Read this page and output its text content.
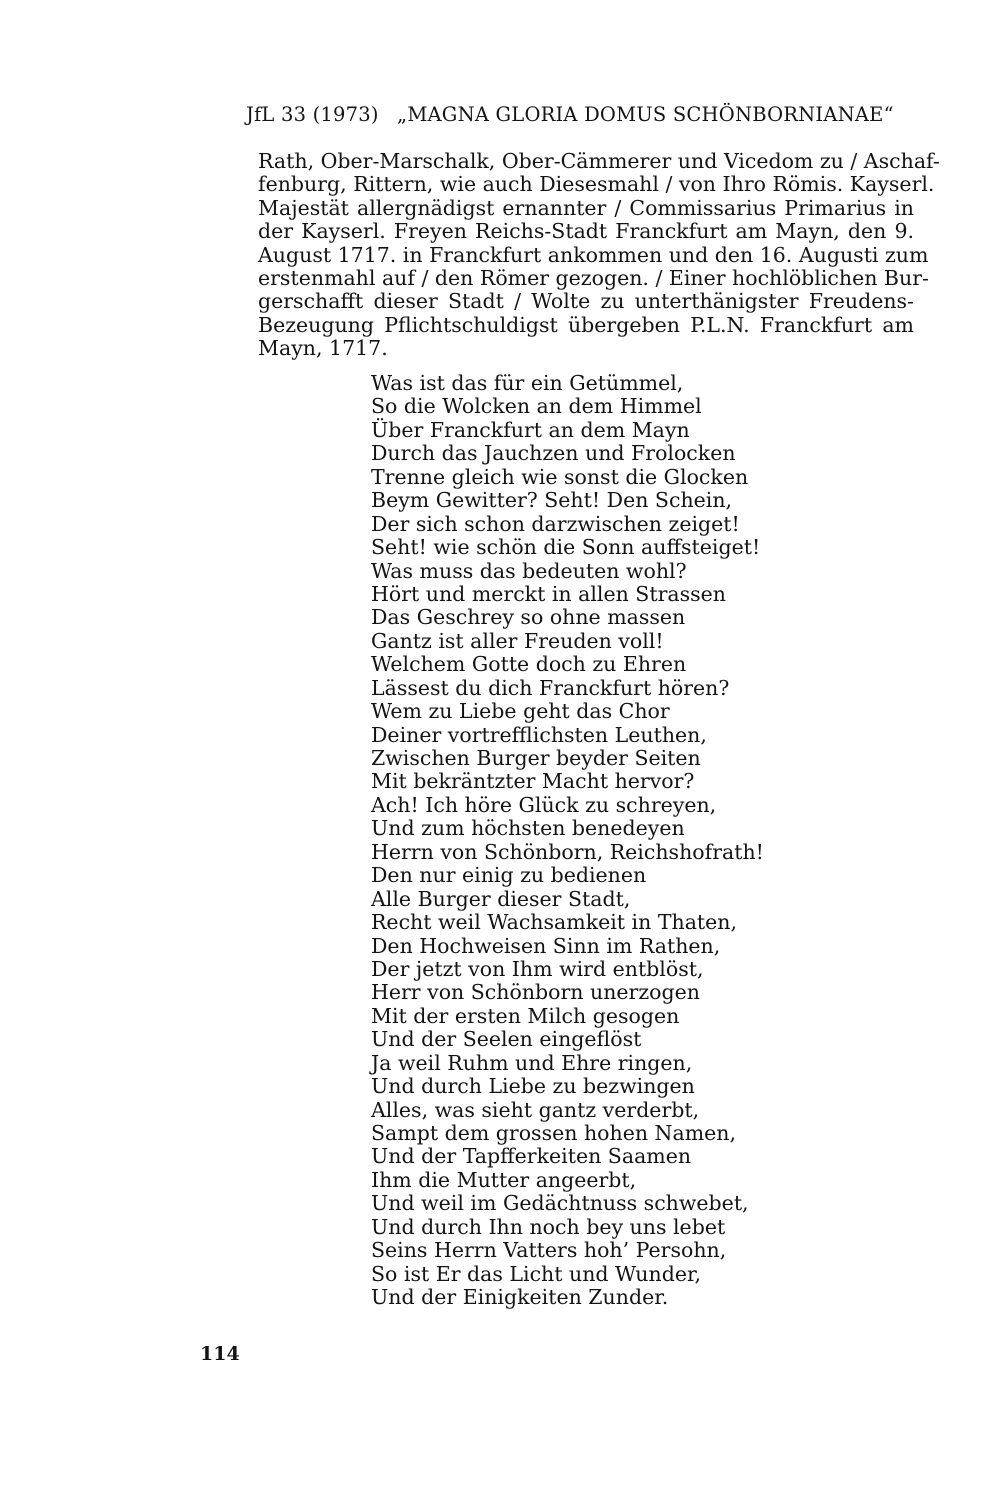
JfL 33 (1973) „MAGNA GLORIA DOMUS SCHÖNBORNIANAE“
Rath, Ober-Marschalk, Ober-Cämmerer und Vicedom zu / Aschaf-
fenburg, Rittern, wie auch Diesesmahl / von Ihro Römis. Kayserl.
Majestät allergnädigst ernannter / Commissarius Primarius in
der Kayserl. Freyen Reichs-Stadt Franckfurt am Mayn, den 9.
August 1717. in Franckfurt ankommen und den 16. Augusti zum
erstenmahl auf / den Römer gezogen. / Einer hochlöblichen Bur-
gerschafft dieser Stadt / Wolte zu unterthänigster Freudens-
Bezeugung Pflichtschuldigst übergeben P.L.N. Franckfurt am
Mayn, 1717.
Was ist das für ein Getümmel,
So die Wolcken an dem Himmel
Über Franckfurt an dem Mayn
Durch das Jauchzen und Frolocken
Trenne gleich wie sonst die Glocken
Beym Gewitter? Seht! Den Schein,
Der sich schon darzwischen zeiget!
Seht! wie schön die Sonn auffsteiget!
Was muss das bedeuten wohl?
Hört und merckt in allen Strassen
Das Geschrey so ohne massen
Gantz ist aller Freuden voll!
Welchem Gotte doch zu Ehren
Lässest du dich Franckfurt hören?
Wem zu Liebe geht das Chor
Deiner vortrefflichsten Leuthen,
Zwischen Burger beyder Seiten
Mit bekräntzter Macht hervor?
Ach! Ich höre Glück zu schreyen,
Und zum höchsten benedeyen
Herrn von Schönborn, Reichshofrath!
Den nur einig zu bedienen
Alle Burger dieser Stadt,
Recht weil Wachsamkeit in Thaten,
Den Hochweisen Sinn im Rathen,
Der jetzt von Ihm wird entblöst,
Herr von Schönborn unerzogen
Mit der ersten Milch gesogen
Und der Seelen eingeflöst
Ja weil Ruhm und Ehre ringen,
Und durch Liebe zu bezwingen
Alles, was sieht gantz verderbt,
Sampt dem grossen hohen Namen,
Und der Tapfferkeiten Saamen
Ihm die Mutter angeerbt,
Und weil im Gedächtnuss schwebet,
Und durch Ihn noch bey uns lebet
Seins Herrn Vatters hoh’ Persohn,
So ist Er das Licht und Wunder,
Und der Einigkeiten Zunder.
114
